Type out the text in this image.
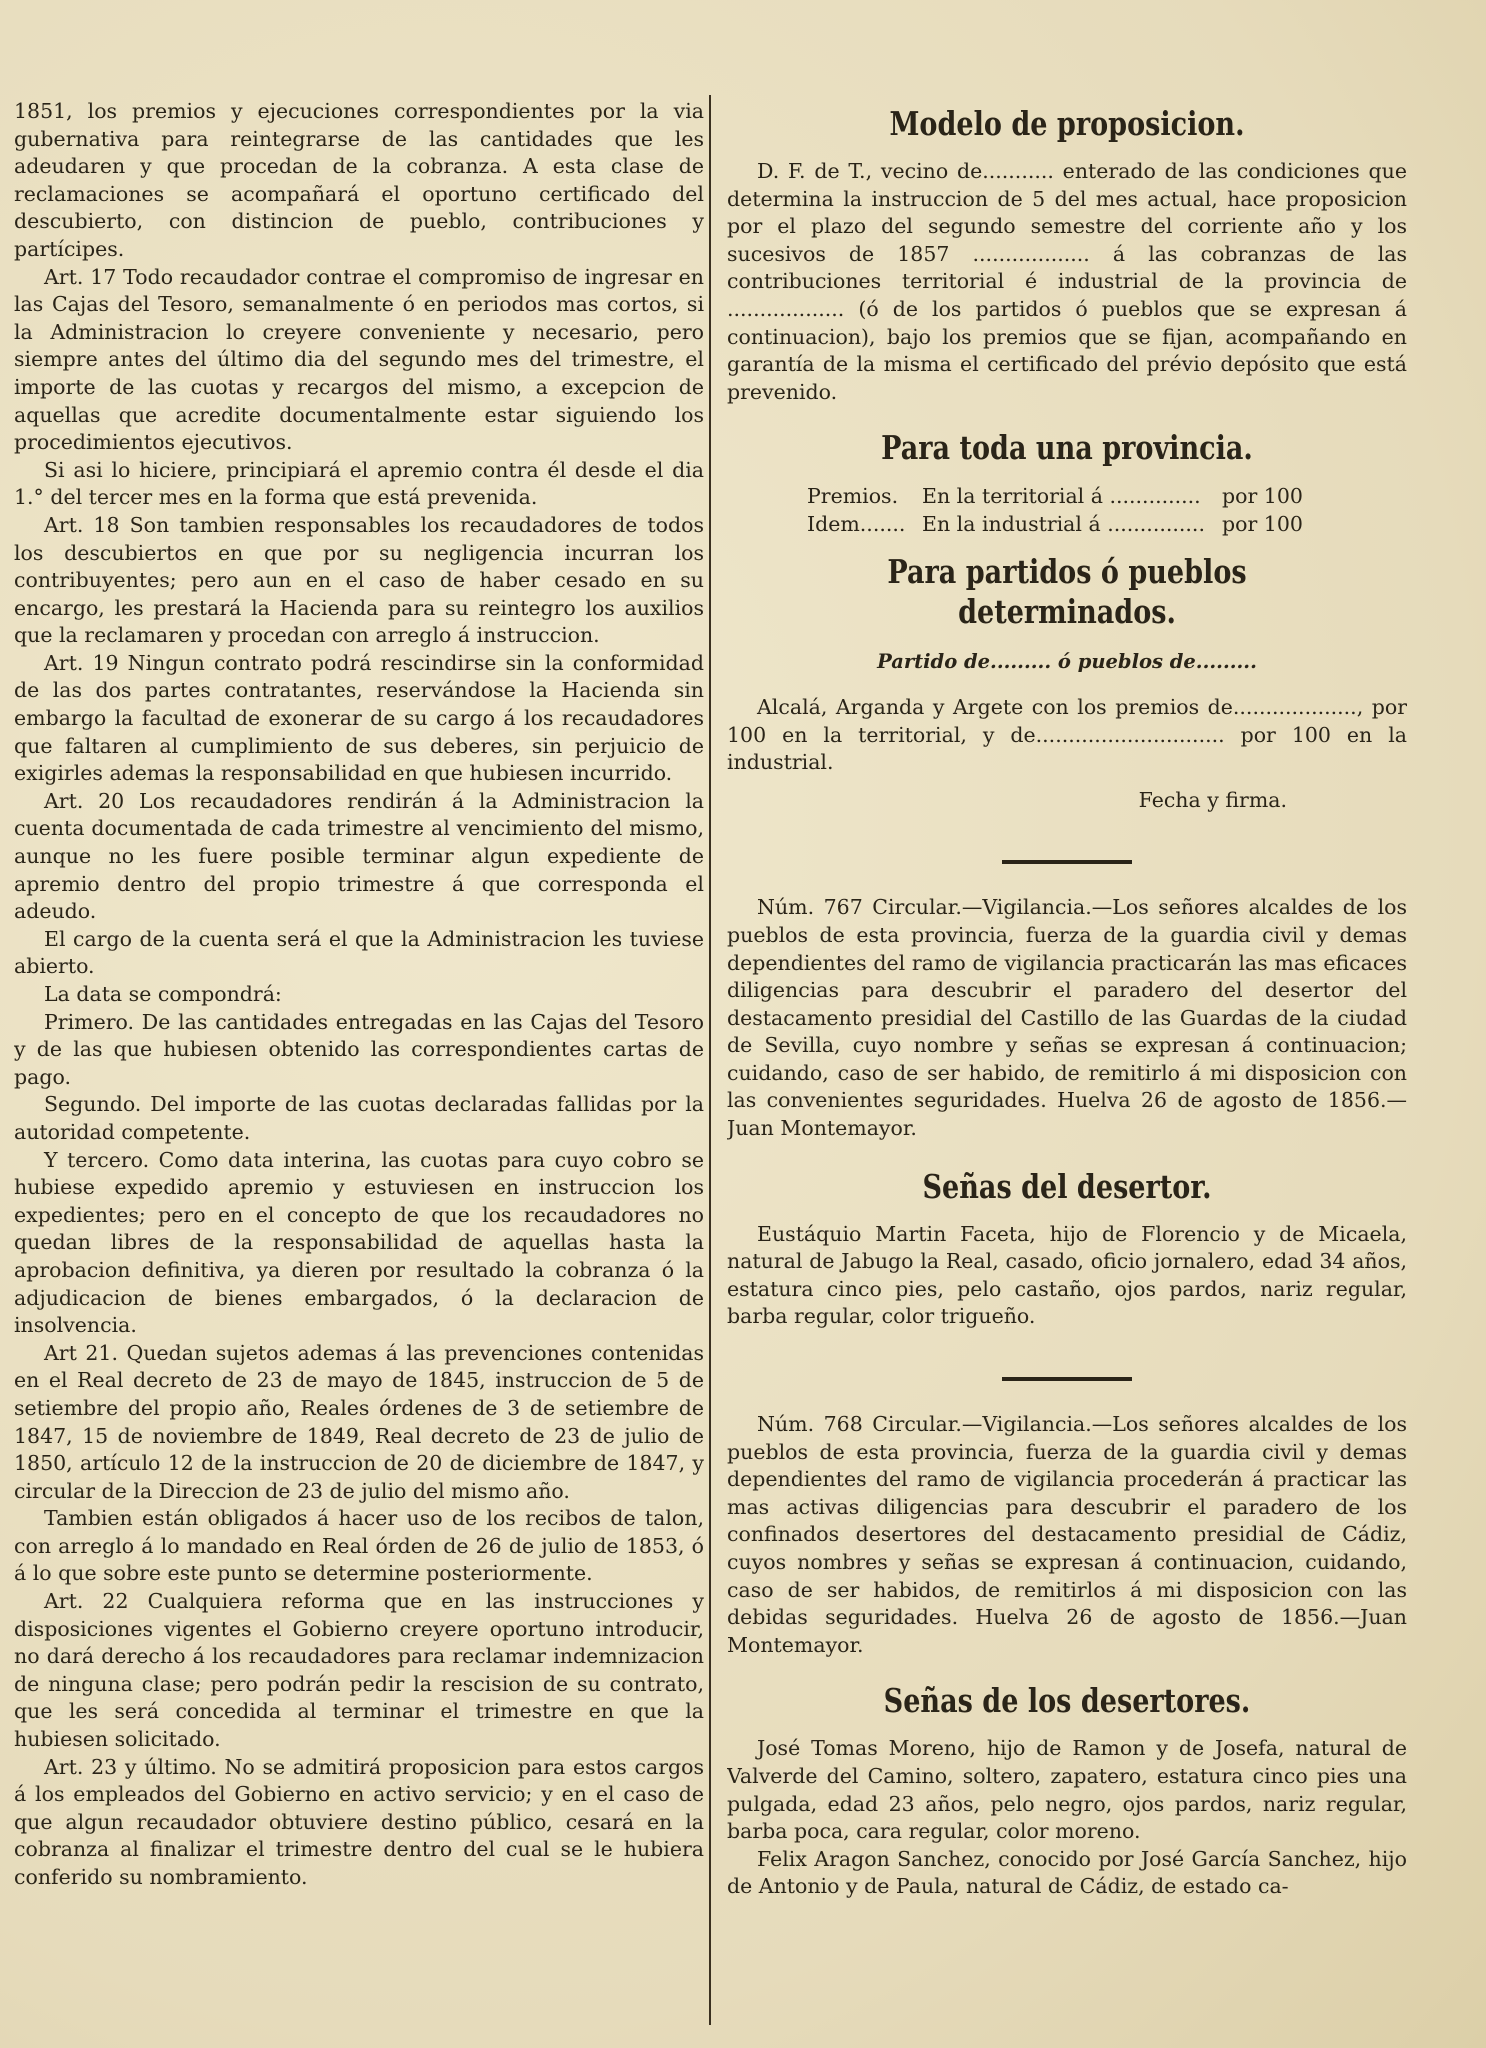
1851, los premios y ejecuciones correspondientes por la via gubernativa para reintegrarse de las cantidades que les adeudaren y que procedan de la cobranza. A esta clase de reclamaciones se acompañará el oportuno certificado del descubierto, con distincion de pueblo, contribuciones y partícipes.

Art. 17 Todo recaudador contrae el compromiso de ingresar en las Cajas del Tesoro, semanalmente ó en periodos mas cortos, si la Administracion lo creyere conveniente y necesario, pero siempre antes del último dia del segundo mes del trimestre, el importe de las cuotas y recargos del mismo, a excepcion de aquellas que acredite documentalmente estar siguiendo los procedimientos ejecutivos.

Si asi lo hiciere, principiará el apremio contra él desde el dia 1.° del tercer mes en la forma que está prevenida.

Art. 18 Son tambien responsables los recaudadores de todos los descubiertos en que por su negligencia incurran los contribuyentes; pero aun en el caso de haber cesado en su encargo, les prestará la Hacienda para su reintegro los auxilios que la reclamaren y procedan con arreglo á instruccion.

Art. 19 Ningun contrato podrá rescindirse sin la conformidad de las dos partes contratantes, reservándose la Hacienda sin embargo la facultad de exonerar de su cargo á los recaudadores que faltaren al cumplimiento de sus deberes, sin perjuicio de exigirles ademas la responsabilidad en que hubiesen incurrido.

Art. 20 Los recaudadores rendirán á la Administracion la cuenta documentada de cada trimestre al vencimiento del mismo, aunque no les fuere posible terminar algun expediente de apremio dentro del propio trimestre á que corresponda el adeudo.

El cargo de la cuenta será el que la Administracion les tuviese abierto.

La data se compondrá:

Primero. De las cantidades entregadas en las Cajas del Tesoro y de las que hubiesen obtenido las correspondientes cartas de pago.

Segundo. Del importe de las cuotas declaradas fallidas por la autoridad competente.

Y tercero. Como data interina, las cuotas para cuyo cobro se hubiese expedido apremio y estuviesen en instruccion los expedientes; pero en el concepto de que los recaudadores no quedan libres de la responsabilidad de aquellas hasta la aprobacion definitiva, ya dieren por resultado la cobranza ó la adjudicacion de bienes embargados, ó la declaracion de insolvencia.

Art 21. Quedan sujetos ademas á las prevenciones contenidas en el Real decreto de 23 de mayo de 1845, instruccion de 5 de setiembre del propio año, Reales órdenes de 3 de setiembre de 1847, 15 de noviembre de 1849, Real decreto de 23 de julio de 1850, artículo 12 de la instruccion de 20 de diciembre de 1847, y circular de la Direccion de 23 de julio del mismo año.

Tambien están obligados á hacer uso de los recibos de talon, con arreglo á lo mandado en Real órden de 26 de julio de 1853, ó á lo que sobre este punto se determine posteriormente.

Art. 22 Cualquiera reforma que en las instrucciones y disposiciones vigentes el Gobierno creyere oportuno introducir, no dará derecho á los recaudadores para reclamar indemnizacion de ninguna clase; pero podrán pedir la rescision de su contrato, que les será concedida al terminar el trimestre en que la hubiesen solicitado.

Art. 23 y último. No se admitirá proposicion para estos cargos á los empleados del Gobierno en activo servicio; y en el caso de que algun recaudador obtuviere destino público, cesará en la cobranza al finalizar el trimestre dentro del cual se le hubiera conferido su nombramiento.

Modelo de proposicion.

D. F. de T., vecino de........... enterado de las condiciones que determina la instruccion de 5 del mes actual, hace proposicion por el plazo del segundo semestre del corriente año y los sucesivos de 1857 .................. á las cobranzas de las contribuciones territorial é industrial de la provincia de .................. (ó de los partidos ó pueblos que se expresan á continuacion), bajo los premios que se fijan, acompañando en garantía de la misma el certificado del prévio depósito que está prevenido.

Para toda una provincia.
Premios.	En la territorial á ..............	por 100
Idem....... En la industrial á ............... por 100
Para partidos ó pueblos determinados.
Partido de......... ó pueblos de.........

Alcalá, Arganda y Argete con los premios de..................., por 100 en la territorial, y de............................. por 100 en la industrial.

Fecha y firma.

Núm. 767 Circular.—Vigilancia.—Los señores alcaldes de los pueblos de esta provincia, fuerza de la guardia civil y demas dependientes del ramo de vigilancia practicarán las mas eficaces diligencias para descubrir el paradero del desertor del destacamento presidial del Castillo de las Guardas de la ciudad de Sevilla, cuyo nombre y señas se expresan á continuacion; cuidando, caso de ser habido, de remitirlo á mi disposicion con las convenientes seguridades. Huelva 26 de agosto de 1856.—Juan Montemayor.

Señas del desertor.

Eustáquio Martin Faceta, hijo de Florencio y de Micaela, natural de Jabugo la Real, casado, oficio jornalero, edad 34 años, estatura cinco pies, pelo castaño, ojos pardos, nariz regular, barba regular, color trigueño.

Núm. 768 Circular.—Vigilancia.—Los señores alcaldes de los pueblos de esta provincia, fuerza de la guardia civil y demas dependientes del ramo de vigilancia procederán á practicar las mas activas diligencias para descubrir el paradero de los confinados desertores del destacamento presidial de Cádiz, cuyos nombres y señas se expresan á continuacion, cuidando, caso de ser habidos, de remitirlos á mi disposicion con las debidas seguridades. Huelva 26 de agosto de 1856.—Juan Montemayor.

Señas de los desertores.

José Tomas Moreno, hijo de Ramon y de Josefa, natural de Valverde del Camino, soltero, zapatero, estatura cinco pies una pulgada, edad 23 años, pelo negro, ojos pardos, nariz regular, barba poca, cara regular, color moreno.

Felix Aragon Sanchez, conocido por José García Sanchez, hijo de Antonio y de Paula, natural de Cádiz, de estado ca-
